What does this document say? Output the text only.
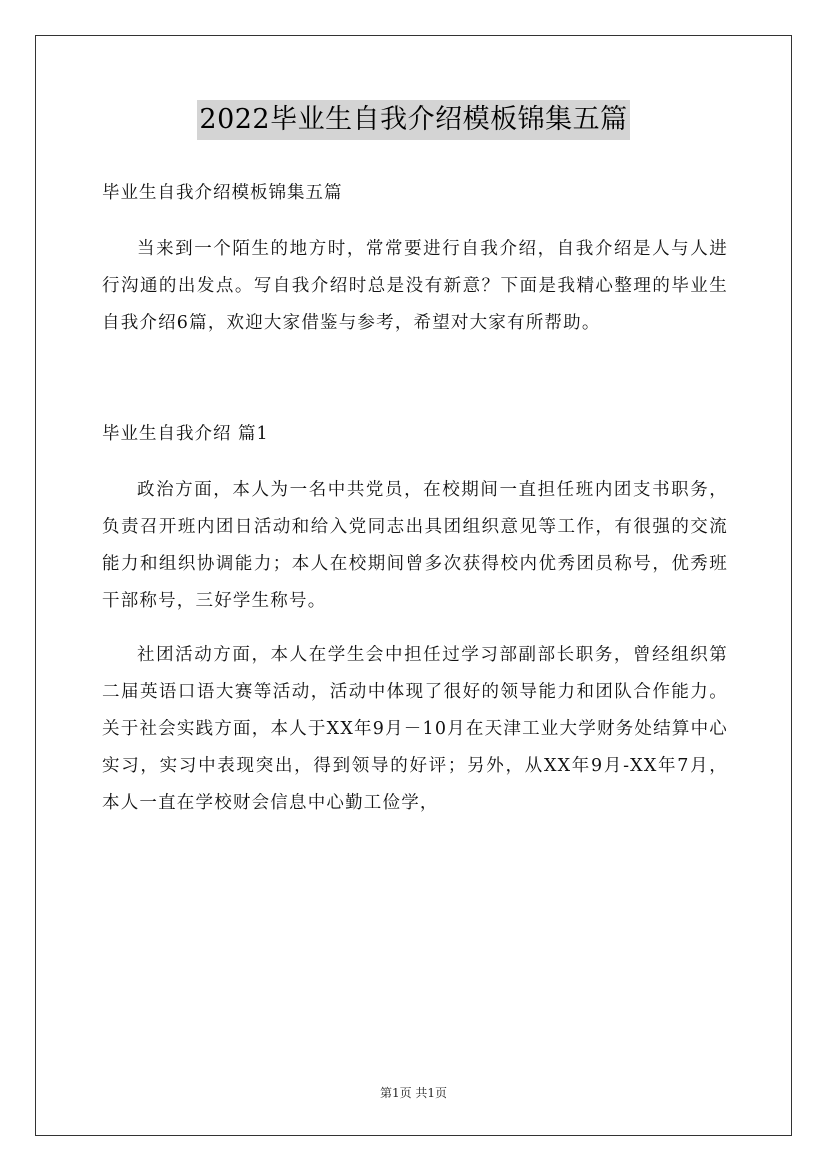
2022毕业生自我介绍模板锦集五篇

毕业生自我介绍模板锦集五篇

当来到一个陌生的地方时，常常要进行自我介绍，自我介绍是人与人进行沟通的出发点。写自我介绍时总是没有新意？下面是我精心整理的毕业生自我介绍6篇，欢迎大家借鉴与参考，希望对大家有所帮助。

毕业生自我介绍 篇1

政治方面，本人为一名中共党员，在校期间一直担任班内团支书职务，负责召开班内团日活动和给入党同志出具团组织意见等工作，有很强的交流能力和组织协调能力；本人在校期间曾多次获得校内优秀团员称号，优秀班干部称号，三好学生称号。

社团活动方面，本人在学生会中担任过学习部副部长职务，曾经组织第二届英语口语大赛等活动，活动中体现了很好的领导能力和团队合作能力。关于社会实践方面，本人于XX年9月－10月在天津工业大学财务处结算中心实习，实习中表现突出，得到领导的好评；另外，从XX年9月-XX年7月，本人一直在学校财会信息中心勤工俭学，

第1页 共1页
